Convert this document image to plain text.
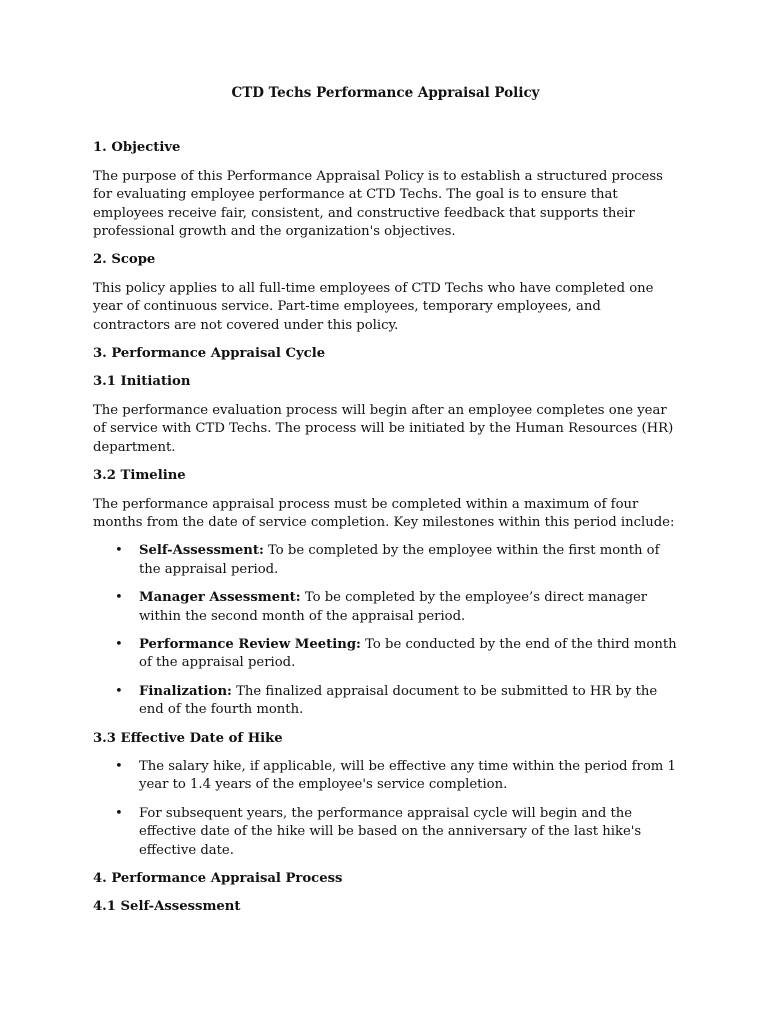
CTD Techs Performance Appraisal Policy
1. Objective
The purpose of this Performance Appraisal Policy is to establish a structured process for evaluating employee performance at CTD Techs. The goal is to ensure that employees receive fair, consistent, and constructive feedback that supports their professional growth and the organization's objectives.
2. Scope
This policy applies to all full-time employees of CTD Techs who have completed one year of continuous service. Part-time employees, temporary employees, and contractors are not covered under this policy.
3. Performance Appraisal Cycle
3.1 Initiation
The performance evaluation process will begin after an employee completes one year of service with CTD Techs. The process will be initiated by the Human Resources (HR) department.
3.2 Timeline
The performance appraisal process must be completed within a maximum of four months from the date of service completion. Key milestones within this period include:
• Self-Assessment: To be completed by the employee within the first month of the appraisal period.
• Manager Assessment: To be completed by the employee’s direct manager within the second month of the appraisal period.
• Performance Review Meeting: To be conducted by the end of the third month of the appraisal period.
• Finalization: The finalized appraisal document to be submitted to HR by the end of the fourth month.
3.3 Effective Date of Hike
• The salary hike, if applicable, will be effective any time within the period from 1 year to 1.4 years of the employee's service completion.
• For subsequent years, the performance appraisal cycle will begin and the effective date of the hike will be based on the anniversary of the last hike's effective date.
4. Performance Appraisal Process
4.1 Self-Assessment
